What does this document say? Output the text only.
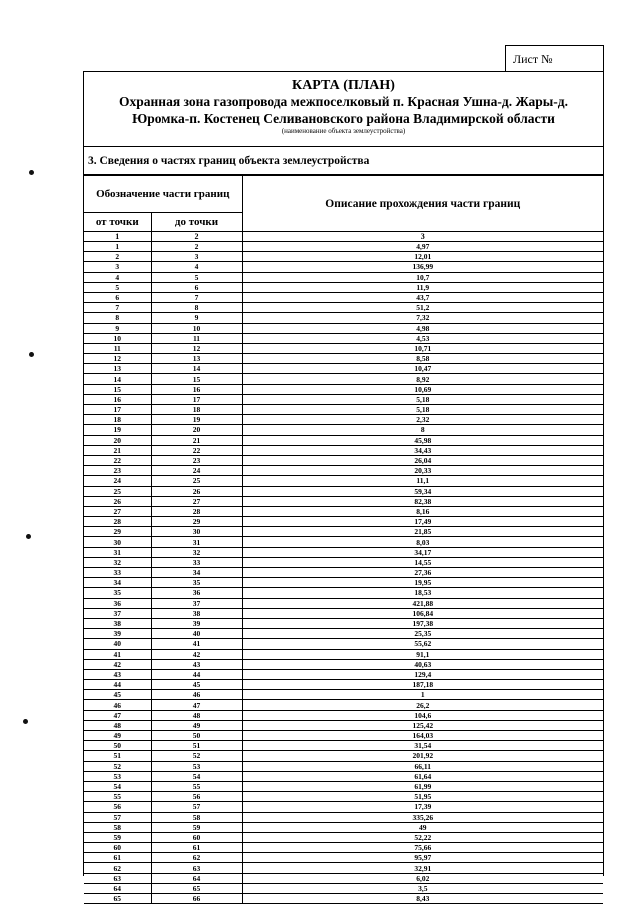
Лист №
КАРТА (ПЛАН)
Охранная зона газопровода межпоселковый п. Красная Ушна-д. Жары-д.
Юромка-п. Костенец Селивановского района Владимирской области
(наименование объекта землеустройства)
3. Сведения о частях границ объекта землеустройства
Обозначение части границ		Описание прохождения части границ
от точки	до точки	
1	2	3
1	2	4,97
2	3	12,01
3	4	136,99
4	5	10,7
5	6	11,9
6	7	43,7
7	8	51,2
8	9	7,32
9	10	4,98
10	11	4,53
11	12	10,71
12	13	8,58
13	14	10,47
14	15	8,92
15	16	10,69
16	17	5,18
17	18	5,18
18	19	2,32
19	20	8
20	21	45,98
21	22	34,43
22	23	26,04
23	24	20,33
24	25	11,1
25	26	59,34
26	27	82,38
27	28	8,16
28	29	17,49
29	30	21,85
30	31	8,03
31	32	34,17
32	33	14,55
33	34	27,36
34	35	19,95
35	36	18,53
36	37	421,88
37	38	106,84
38	39	197,38
39	40	25,35
40	41	55,62
41	42	91,1
42	43	40,63
43	44	129,4
44	45	187,18
45	46	1
46	47	26,2
47	48	104,6
48	49	125,42
49	50	164,03
50	51	31,54
51	52	201,92
52	53	66,11
53	54	61,64
54	55	61,99
55	56	51,95
56	57	17,39
57	58	335,26
58	59	49
59	60	52,22
60	61	75,66
61	62	95,97
62	63	32,91
63	64	6,02
64	65	3,5
65	66	8,43
